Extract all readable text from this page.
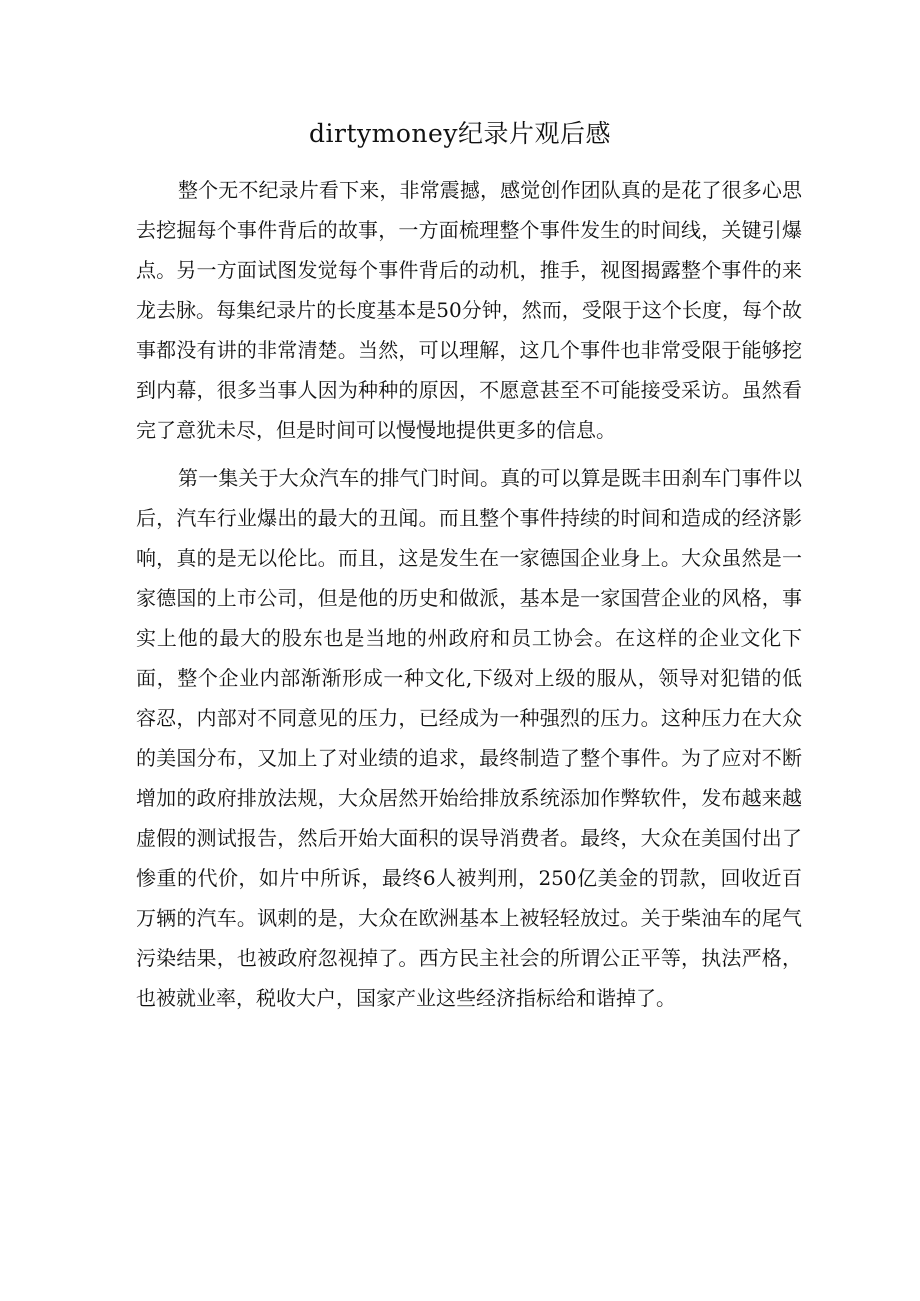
dirtymoney纪录片观后感

整个无不纪录片看下来，非常震撼，感觉创作团队真的是花了很多心思去挖掘每个事件背后的故事，一方面梳理整个事件发生的时间线，关键引爆点。另一方面试图发觉每个事件背后的动机，推手，视图揭露整个事件的来龙去脉。每集纪录片的长度基本是50分钟，然而，受限于这个长度，每个故事都没有讲的非常清楚。当然，可以理解，这几个事件也非常受限于能够挖到内幕，很多当事人因为种种的原因，不愿意甚至不可能接受采访。虽然看完了意犹未尽，但是时间可以慢慢地提供更多的信息。

第一集关于大众汽车的排气门时间。真的可以算是既丰田刹车门事件以后，汽车行业爆出的最大的丑闻。而且整个事件持续的时间和造成的经济影响，真的是无以伦比。而且，这是发生在一家德国企业身上。大众虽然是一家德国的上市公司，但是他的历史和做派，基本是一家国营企业的风格，事实上他的最大的股东也是当地的州政府和员工协会。在这样的企业文化下面，整个企业内部渐渐形成一种文化,下级对上级的服从，领导对犯错的低容忍，内部对不同意见的压力，已经成为一种强烈的压力。这种压力在大众的美国分布，又加上了对业绩的追求，最终制造了整个事件。为了应对不断增加的政府排放法规，大众居然开始给排放系统添加作弊软件，发布越来越虚假的测试报告，然后开始大面积的误导消费者。最终，大众在美国付出了惨重的代价，如片中所诉，最终6人被判刑，250亿美金的罚款，回收近百万辆的汽车。讽刺的是，大众在欧洲基本上被轻轻放过。关于柴油车的尾气污染结果，也被政府忽视掉了。西方民主社会的所谓公正平等，执法严格，也被就业率，税收大户，国家产业这些经济指标给和谐掉了。
